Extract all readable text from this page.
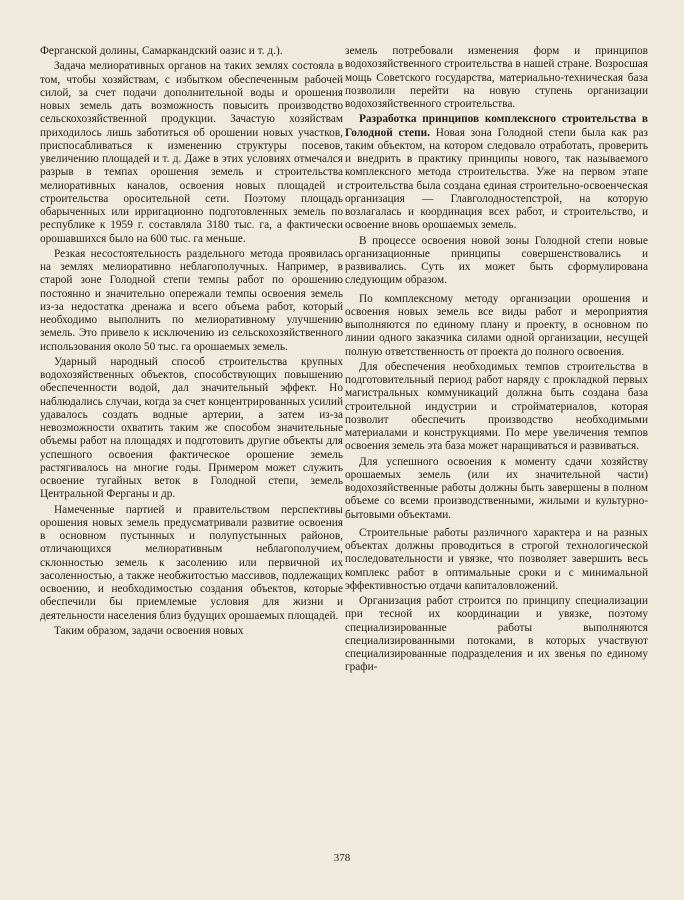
Ферганской долины, Самаркандский оазис и т. д.).

Задача мелиоративных органов на таких землях состояла в том, чтобы хозяйствам, с избытком обеспеченным рабочей силой, за счет подачи дополнительной воды и орошения новых земель дать возможность повысить производство сельскохозяйственной продукции. Зачастую хозяйствам приходилось лишь заботиться об орошении новых участков, приспосабливаться к изменению структуры посевов, увеличению площадей и т. д. Даже в этих условиях отмечался разрыв в темпах орошения земель и строительства мелиоративных каналов, освоения новых площадей и строительства оросительной сети. Поэтому площадь обарыченных или ирригационно подготовленных земель по республике к 1959 г. составляла 3180 тыс. га, а фактически орошавшихся было на 600 тыс. га меньше.

Резкая несостоятельность раздельного метода проявилась на землях мелиоративно неблагополучных. Например, в старой зоне Голодной степи темпы работ по орошению постоянно и значительно опережали темпы освоения земель из-за недостатка дренажа и всего объема работ, который необходимо выполнить по мелиоративному улучшению земель. Это привело к исключению из сельскохозяйственного использования около 50 тыс. га орошаемых земель.

Ударный народный способ строительства крупных водохозяйственных объектов, способствующих повышению обеспеченности водой, дал значительный эффект. Но наблюдались случаи, когда за счет концентрированных усилий удавалось создать водные артерии, а затем из-за невозможности охватить таким же способом значительные объемы работ на площадях и подготовить другие объекты для успешного освоения фактическое орошение земель растягивалось на многие годы. Примером может служить освоение тугайных веток в Голодной степи, земель Центральной Ферганы и др.

Намеченные партией и правительством перспективы орошения новых земель предусматривали развитие освоения в основном пустынных и полупустынных районов, отличающихся мелиоративным неблагополучием, склонностью земель к засолению или первичной их засоленностью, а также необжитостью массивов, подлежащих освоению, и необходимостью создания объектов, которые обеспечили бы приемлемые условия для жизни и деятельности населения близ будущих орошаемых площадей.

Таким образом, задачи освоения новых

земель потребовали изменения форм и принципов водохозяйственного строительства в нашей стране. Возросшая мощь Советского государства, материально-техническая база позволили перейти на новую ступень организации водохозяйственного строительства.

Разработка принципов комплексного строительства в Голодной степи. Новая зона Голодной степи была как раз таким объектом, на котором следовало отработать, проверить и внедрить в практику принципы нового, так называемого комплексного метода строительства. Уже на первом этапе строительства была создана единая строительно-освоенческая организация — Главголодностепстрой, на которую возлагалась и координация всех работ, и строительство, и освоение вновь орошаемых земель.

В процессе освоения новой зоны Голодной степи новые организационные принципы совершенствовались и развивались. Суть их может быть сформулирована следующим образом.

По комплексному методу организации орошения и освоения новых земель все виды работ и мероприятия выполняются по единому плану и проекту, в основном по линии одного заказчика силами одной организации, несущей полную ответственность от проекта до полного освоения.

Для обеспечения необходимых темпов строительства в подготовительный период работ наряду с прокладкой первых магистральных коммуникаций должна быть создана база строительной индустрии и стройматериалов, которая позволит обеспечить производство необходимыми материалами и конструкциями. По мере увеличения темпов освоения земель эта база может наращиваться и развиваться.

Для успешного освоения к моменту сдачи хозяйству орошаемых земель (или их значительной части) водохозяйственные работы должны быть завершены в полном объеме со всеми производственными, жилыми и культурно-бытовыми объектами.

Строительные работы различного характера и на разных объектах должны проводиться в строгой технологической последовательности и увязке, что позволяет завершить весь комплекс работ в оптимальные сроки и с минимальной эффективностью отдачи капиталовложений.

Организация работ строится по принципу специализации при тесной их координации и увязке, поэтому специализированные работы выполняются специализированными потоками, в которых участвуют специализированные подразделения и их звенья по единому графи-

378
